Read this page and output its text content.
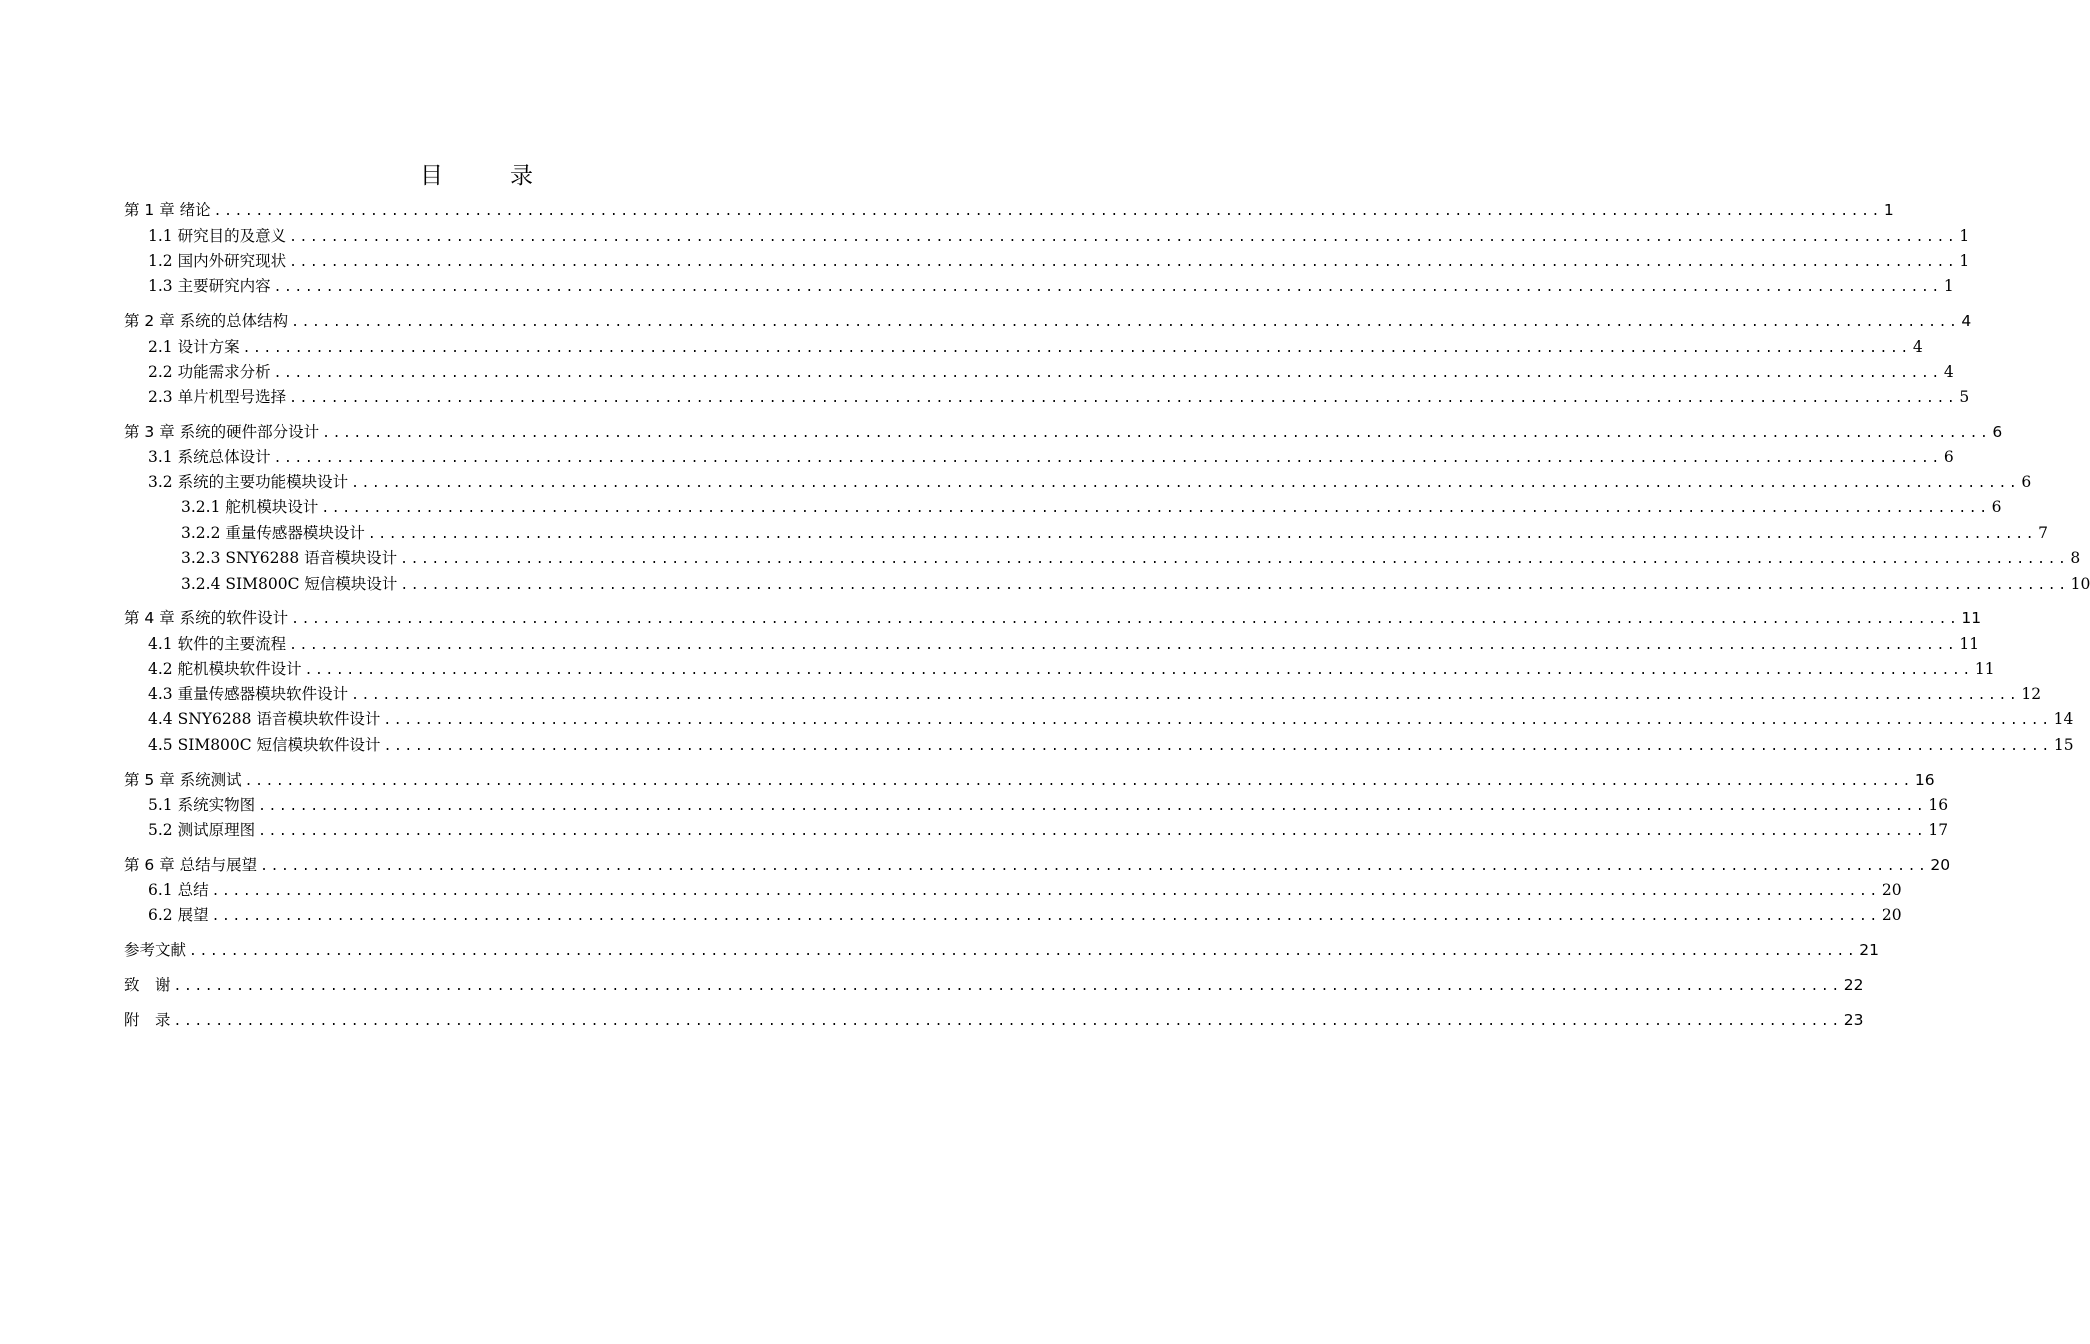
目　录
第 1 章 绪论 ................................................................................................................................................................ 1
1.1 研究目的及意义 ................................................................................................................................................................ 1
1.2 国内外研究现状 ................................................................................................................................................................ 1
1.3 主要研究内容 ................................................................................................................................................................ 1
第 2 章 系统的总体结构 ................................................................................................................................................................ 4
2.1 设计方案 ................................................................................................................................................................ 4
2.2 功能需求分析 ................................................................................................................................................................ 4
2.3 单片机型号选择 ................................................................................................................................................................ 5
第 3 章 系统的硬件部分设计 ................................................................................................................................................................ 6
3.1 系统总体设计 ................................................................................................................................................................ 6
3.2 系统的主要功能模块设计 ................................................................................................................................................................ 6
3.2.1 舵机模块设计 ................................................................................................................................................................ 6
3.2.2 重量传感器模块设计 ................................................................................................................................................................ 7
3.2.3 SNY6288 语音模块设计 ................................................................................................................................................................ 8
3.2.4 SIM800C 短信模块设计 ................................................................................................................................................................ 10
第 4 章 系统的软件设计 ................................................................................................................................................................ 11
4.1 软件的主要流程 ................................................................................................................................................................ 11
4.2 舵机模块软件设计 ................................................................................................................................................................ 11
4.3 重量传感器模块软件设计 ................................................................................................................................................................ 12
4.4 SNY6288 语音模块软件设计 ................................................................................................................................................................ 14
4.5 SIM800C 短信模块软件设计 ................................................................................................................................................................ 15
第 5 章 系统测试 ................................................................................................................................................................ 16
5.1 系统实物图 ................................................................................................................................................................ 16
5.2 测试原理图 ................................................................................................................................................................ 17
第 6 章 总结与展望 ................................................................................................................................................................ 20
6.1 总结 ................................................................................................................................................................ 20
6.2 展望 ................................................................................................................................................................ 20
参考文献 ................................................................................................................................................................ 21
致　谢 ................................................................................................................................................................ 22
附　录 ................................................................................................................................................................ 23
